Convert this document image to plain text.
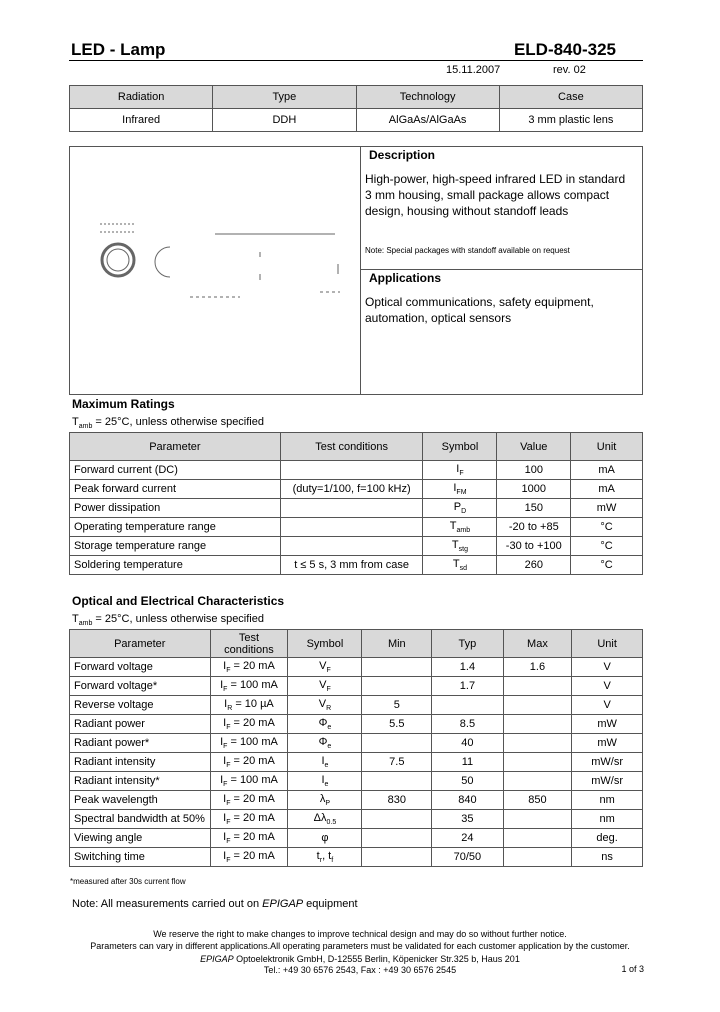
LED - Lamp	ELD-840-325
15.11.2007	rev. 02
Radiation	Type	Technology	Case
Infrared	DDH	AlGaAs/AlGaAs	3 mm plastic lens
Description
High-power, high-speed infrared LED in standard
3 mm housing, small package allows compact
design, housing without standoff leads
Note: Special packages with standoff available on request
Applications
Optical communications, safety equipment,
automation, optical sensors
Maximum Ratings
$T_{amb} = 25^\circ C$, unless otherwise specified
Parameter	Test conditions	Symbol	Value	Unit
Forward current (DC)		$I_F$	100	mA
Peak forward current	(duty=1/100, f=100 kHz)	$I_{FM}$	1000	mA
Power dissipation		$P_D$	150	mW
Operating temperature range		$T_{amb}$	-20 to +85	°C
Storage temperature range		$T_{stg}$	-30 to +100	°C
Soldering temperature	t ≤ 5 s, 3 mm from case	$T_{sd}$	260	°C
Optical and Electrical Characteristics
$T_{amb} = 25^\circ C$, unless otherwise specified
Parameter	Test conditions	Symbol	Min	Typ	Max	Unit
Forward voltage	$I_F = 20$ mA	$V_F$		1.4	1.6	V
Forward voltage*	$I_F = 100$ mA	$V_F$		1.7		V
Reverse voltage	$I_R = 10$ µA	$V_R$	5			V
Radiant power	$I_F = 20$ mA	$\Phi_e$	5.5	8.5		mW
Radiant power*	$I_F = 100$ mA	$\Phi_e$		40		mW
Radiant intensity	$I_F = 20$ mA	$I_e$	7.5	11		mW/sr
Radiant intensity*	$I_F = 100$ mA	$I_e$		50		mW/sr
Peak wavelength	$I_F = 20$ mA	$\lambda_P$	830	840	850	nm
Spectral bandwidth at 50%	$I_F = 20$ mA	$\Delta\lambda_{0.5}$		35		nm
Viewing angle	$I_F = 20$ mA	φ		24		deg.
Switching time	$I_F = 20$ mA	$t_r$, $t_f$		70/50		ns
*measured after 30s current flow
Note: All measurements carried out on EPIGAP equipment
We reserve the right to make changes to improve technical design and may do so without further notice.
Parameters can vary in different applications.All operating parameters must be validated for each customer application by the customer.
EPIGAP Optoelektronik GmbH, D-12555 Berlin, Köpenicker Str.325 b, Haus 201
Tel.: +49 30 6576 2543, Fax : +49 30 6576 2545	1 of 3
